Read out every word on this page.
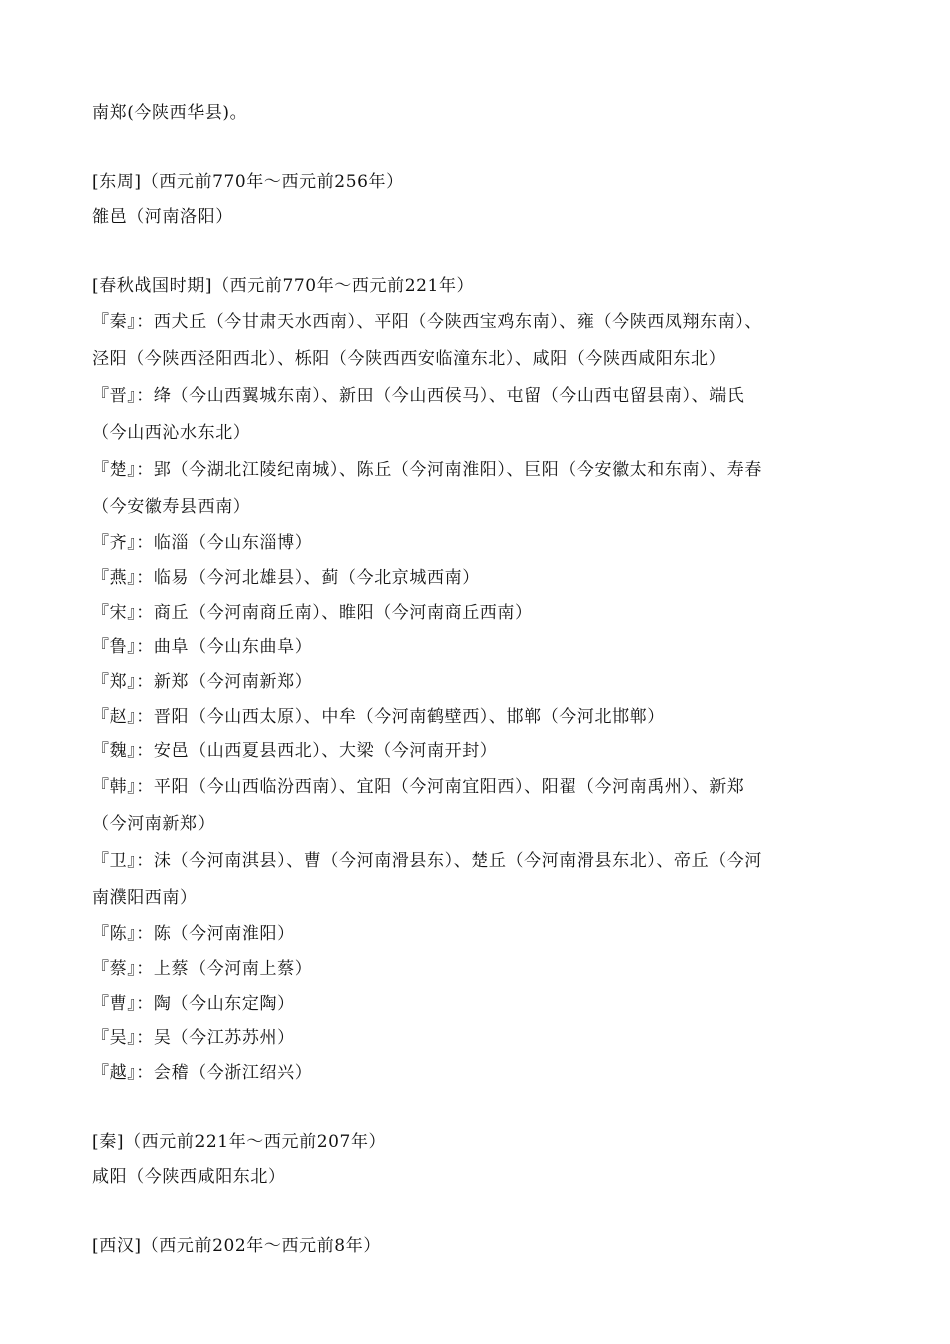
南郑(今陕西华县)。
[东周]（西元前770年～西元前256年）
雒邑（河南洛阳）
[春秋战国时期]（西元前770年～西元前221年）
『秦』：西犬丘（今甘肃天水西南）、平阳（今陕西宝鸡东南）、雍（今陕西凤翔东南）、
泾阳（今陕西泾阳西北）、栎阳（今陕西西安临潼东北）、咸阳（今陕西咸阳东北）
『晋』：绛（今山西翼城东南）、新田（今山西侯马）、屯留（今山西屯留县南）、端氏
（今山西沁水东北）
『楚』：郢（今湖北江陵纪南城）、陈丘（今河南淮阳）、巨阳（今安徽太和东南）、寿春
（今安徽寿县西南）
『齐』：临淄（今山东淄博）
『燕』：临易（今河北雄县）、蓟（今北京城西南）
『宋』：商丘（今河南商丘南）、睢阳（今河南商丘西南）
『鲁』：曲阜（今山东曲阜）
『郑』：新郑（今河南新郑）
『赵』：晋阳（今山西太原）、中牟（今河南鹤壁西）、邯郸（今河北邯郸）
『魏』：安邑（山西夏县西北）、大梁（今河南开封）
『韩』：平阳（今山西临汾西南）、宜阳（今河南宜阳西）、阳翟（今河南禹州）、新郑
（今河南新郑）
『卫』：沬（今河南淇县）、曹（今河南滑县东）、楚丘（今河南滑县东北）、帝丘（今河
南濮阳西南）
『陈』：陈（今河南淮阳）
『蔡』：上蔡（今河南上蔡）
『曹』：陶（今山东定陶）
『吴』：吴（今江苏苏州）
『越』：会稽（今浙江绍兴）
[秦]（西元前221年～西元前207年）
咸阳（今陕西咸阳东北）
[西汉]（西元前202年～西元前8年）
